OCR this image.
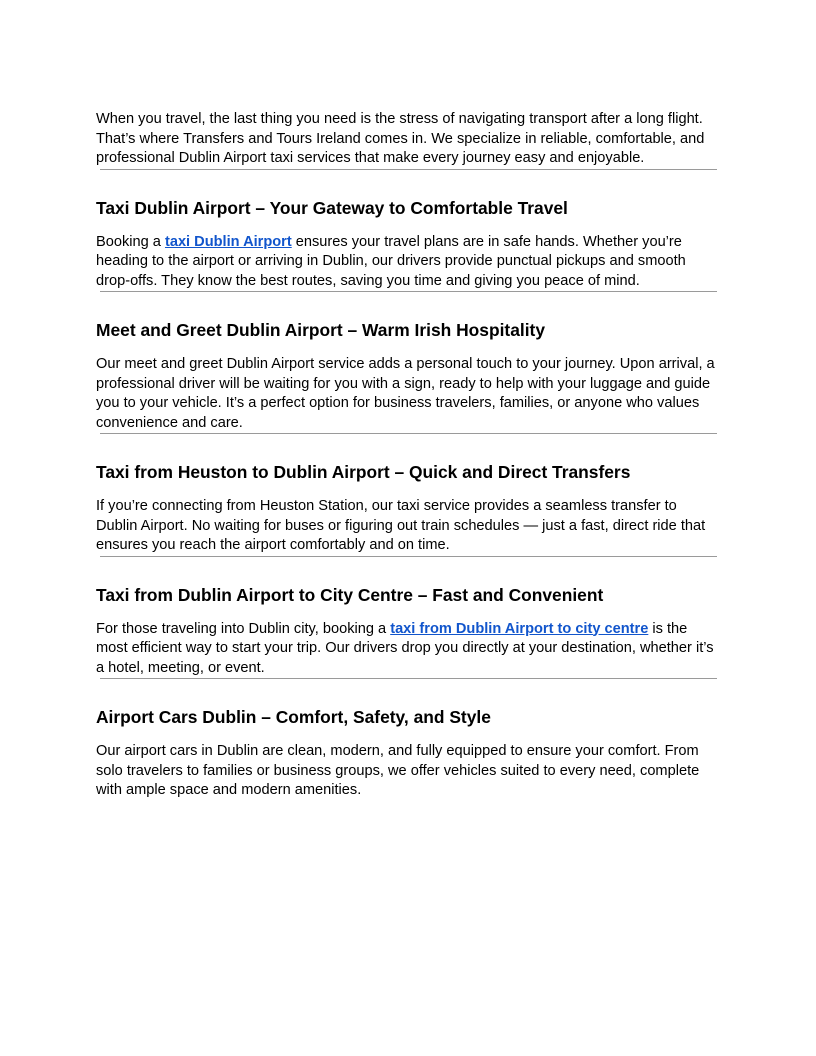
When you travel, the last thing you need is the stress of navigating transport after a long flight. That’s where Transfers and Tours Ireland comes in. We specialize in reliable, comfortable, and professional Dublin Airport taxi services that make every journey easy and enjoyable.

Taxi Dublin Airport – Your Gateway to Comfortable Travel

Booking a taxi Dublin Airport ensures your travel plans are in safe hands. Whether you’re heading to the airport or arriving in Dublin, our drivers provide punctual pickups and smooth drop-offs. They know the best routes, saving you time and giving you peace of mind.

Meet and Greet Dublin Airport – Warm Irish Hospitality

Our meet and greet Dublin Airport service adds a personal touch to your journey. Upon arrival, a professional driver will be waiting for you with a sign, ready to help with your luggage and guide you to your vehicle. It’s a perfect option for business travelers, families, or anyone who values convenience and care.

Taxi from Heuston to Dublin Airport – Quick and Direct Transfers

If you’re connecting from Heuston Station, our taxi service provides a seamless transfer to Dublin Airport. No waiting for buses or figuring out train schedules — just a fast, direct ride that ensures you reach the airport comfortably and on time.

Taxi from Dublin Airport to City Centre – Fast and Convenient

For those traveling into Dublin city, booking a taxi from Dublin Airport to city centre is the most efficient way to start your trip. Our drivers drop you directly at your destination, whether it’s a hotel, meeting, or event.

Airport Cars Dublin – Comfort, Safety, and Style

Our airport cars in Dublin are clean, modern, and fully equipped to ensure your comfort. From solo travelers to families or business groups, we offer vehicles suited to every need, complete with ample space and modern amenities.
